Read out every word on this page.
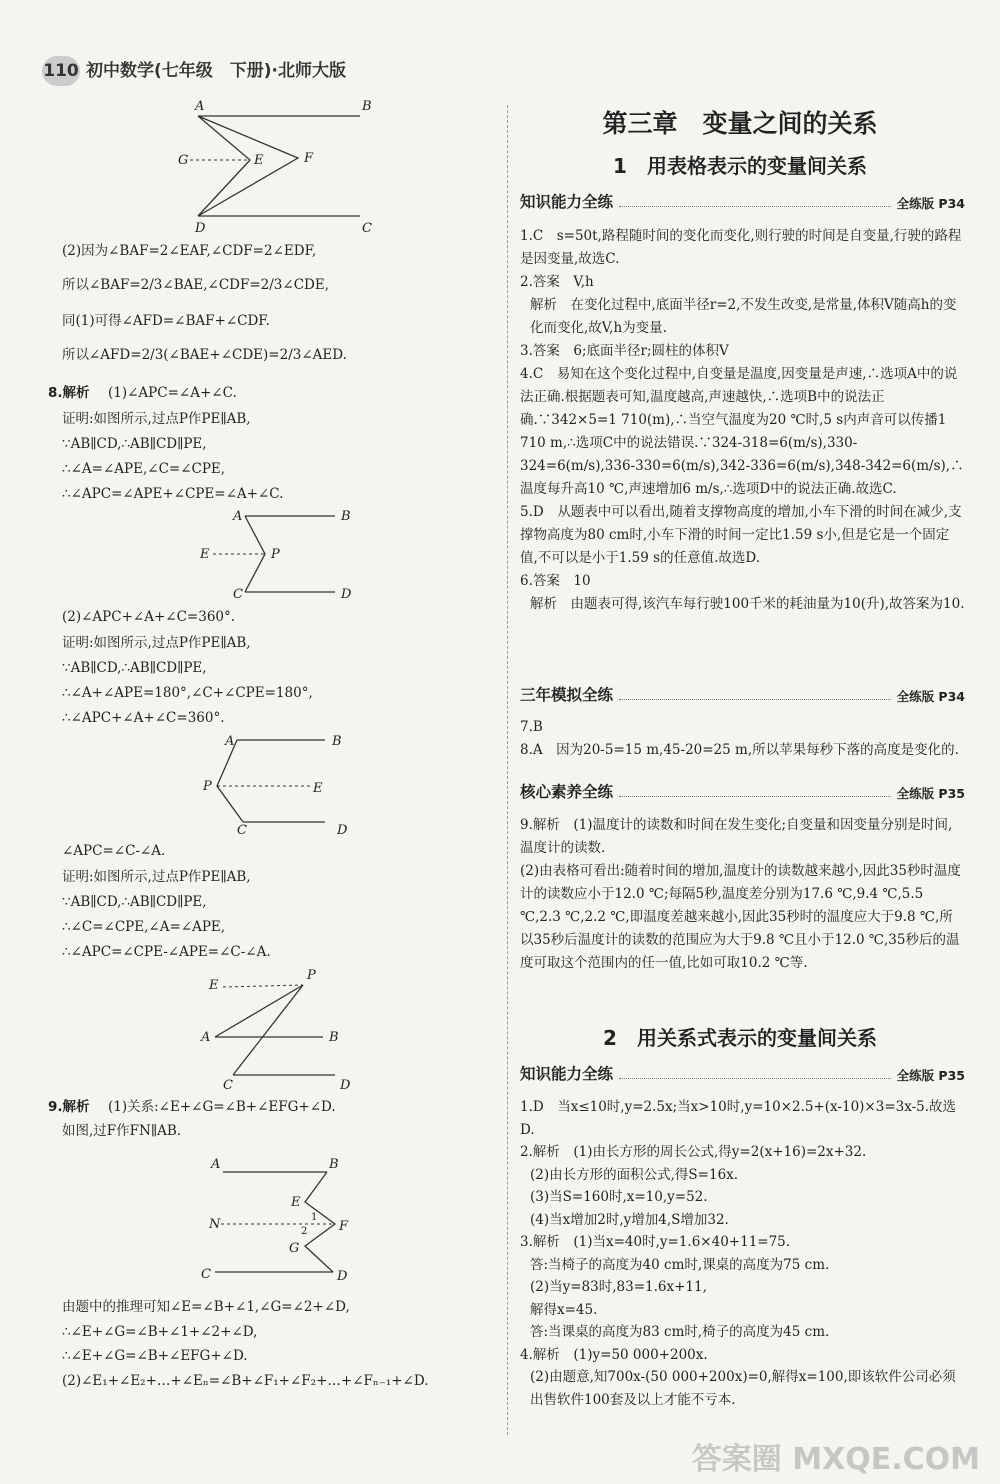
110 初中数学(七年级　下册)·北师大版
A	B
D	C
G	E	F
(2)因为∠BAF=2∠EAF,∠CDF=2∠EDF,
所以∠BAF=2/3∠BAE,∠CDF=2/3∠CDE,
同(1)可得∠AFD=∠BAF+∠CDF.
所以∠AFD=2/3(∠BAE+∠CDE)=2/3∠AED.
8.解析 (1)∠APC=∠A+∠C.
证明:如图所示,过点P作PE∥AB,
∵AB∥CD,∴AB∥CD∥PE,
∴∠A=∠APE,∠C=∠CPE,
∴∠APC=∠APE+∠CPE=∠A+∠C.
A	B
C	D
E	P
(2)∠APC+∠A+∠C=360°.
证明:如图所示,过点P作PE∥AB,
∵AB∥CD,∴AB∥CD∥PE,
∴∠A+∠APE=180°,∠C+∠CPE=180°,
∴∠APC+∠A+∠C=360°.
A	B
C	D
P	E
∠APC=∠C-∠A.
证明:如图所示,过点P作PE∥AB,
∵AB∥CD,∴AB∥CD∥PE,
∴∠C=∠CPE,∠A=∠APE,
∴∠APC=∠CPE-∠APE=∠C-∠A.
E
P
A	B
C	D
9.解析 (1)关系:∠E+∠G=∠B+∠EFG+∠D.
如图,过F作FN∥AB.
A	B
E
F
G
N	1
2
C	D
由题中的推理可知∠E=∠B+∠1,∠G=∠2+∠D,
∴∠E+∠G=∠B+∠1+∠2+∠D,
∴∠E+∠G=∠B+∠EFG+∠D.
(2)∠E₁+∠E₂+…+∠Eₙ=∠B+∠F₁+∠F₂+…+∠Fₙ₋₁+∠D.
第三章　变量之间的关系
1　用表格表示的变量间关系
知识能力全练	全练版 P34
1.C　s=50t,路程随时间的变化而变化,则行驶的时间是自变量,行驶的路程是因变量,故选C.
2.答案　V,h
解析　在变化过程中,底面半径r=2,不发生改变,是常量,体积V随高h的变化而变化,故V,h为变量.
3.答案　6;底面半径r;圆柱的体积V
4.C　易知在这个变化过程中,自变量是温度,因变量是声速,∴选项A中的说法正确.根据题表可知,温度越高,声速越快,∴选项B中的说法正确.∵342×5=1 710(m),∴当空气温度为20 ℃时,5 s内声音可以传播1 710 m,∴选项C中的说法错误.∵324-318=6(m/s),330-324=6(m/s),336-330=6(m/s),342-336=6(m/s),348-342=6(m/s),∴温度每升高10 ℃,声速增加6 m/s,∴选项D中的说法正确.故选C.
5.D　从题表中可以看出,随着支撑物高度的增加,小车下滑的时间在减少,支撑物高度为80 cm时,小车下滑的时间一定比1.59 s小,但是它是一个固定值,不可以是小于1.59 s的任意值.故选D.
6.答案　10
解析　由题表可得,该汽车每行驶100千米的耗油量为10(升),故答案为10.
三年模拟全练	全练版 P34
7.B
8.A　因为20-5=15 m,45-20=25 m,所以苹果每秒下落的高度是变化的.
核心素养全练	全练版 P35
9.解析　(1)温度计的读数和时间在发生变化;自变量和因变量分别是时间,温度计的读数.
(2)由表格可看出:随着时间的增加,温度计的读数越来越小,因此35秒时温度计的读数应小于12.0 ℃;每隔5秒,温度差分别为17.6 ℃,9.4 ℃,5.5 ℃,2.3 ℃,2.2 ℃,即温度差越来越小,因此35秒时的温度应大于9.8 ℃,所以35秒后温度计的读数的范围应为大于9.8 ℃且小于12.0 ℃,35秒后的温度可取这个范围内的任一值,比如可取10.2 ℃等.
2　用关系式表示的变量间关系
知识能力全练	全练版 P35
1.D　当x≤10时,y=2.5x;当x>10时,y=10×2.5+(x-10)×3=3x-5.故选D.
2.解析　(1)由长方形的周长公式,得y=2(x+16)=2x+32.
(2)由长方形的面积公式,得S=16x.
(3)当S=160时,x=10,y=52.
(4)当x增加2时,y增加4,S增加32.
3.解析　(1)当x=40时,y=1.6×40+11=75.
答:当椅子的高度为40 cm时,课桌的高度为75 cm.
(2)当y=83时,83=1.6x+11,
解得x=45.
答:当课桌的高度为83 cm时,椅子的高度为45 cm.
4.解析　(1)y=50 000+200x.
(2)由题意,知700x-(50 000+200x)=0,解得x=100,即该软件公司必须出售软件100套及以上才能不亏本.
答案圈 MXQE.COM
